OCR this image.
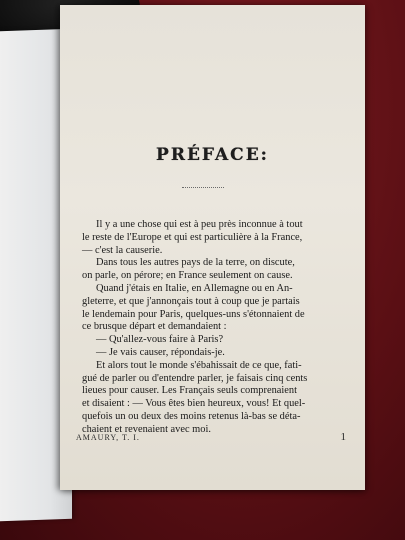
PRÉFACE:

Il y a une chose qui est à peu près inconnue à tout

le reste de l'Europe et qui est particulière à la France,

— c'est la causerie.

Dans tous les autres pays de la terre, on discute,

on parle, on pérore; en France seulement on cause.

Quand j'étais en Italie, en Allemagne ou en An-

gleterre, et que j'annonçais tout à coup que je partais

le lendemain pour Paris, quelques-uns s'étonnaient de

ce brusque départ et demandaient :

— Qu'allez-vous faire à Paris?

— Je vais causer, répondais-je.

Et alors tout le monde s'ébahissait de ce que, fati-

gué de parler ou d'entendre parler, je faisais cinq cents

lieues pour causer. Les Français seuls comprenaient

et disaient : — Vous êtes bien heureux, vous! Et quel-

quefois un ou deux des moins retenus là-bas se déta-

chaient et revenaient avec moi.

AMAURY, T. I.	1
